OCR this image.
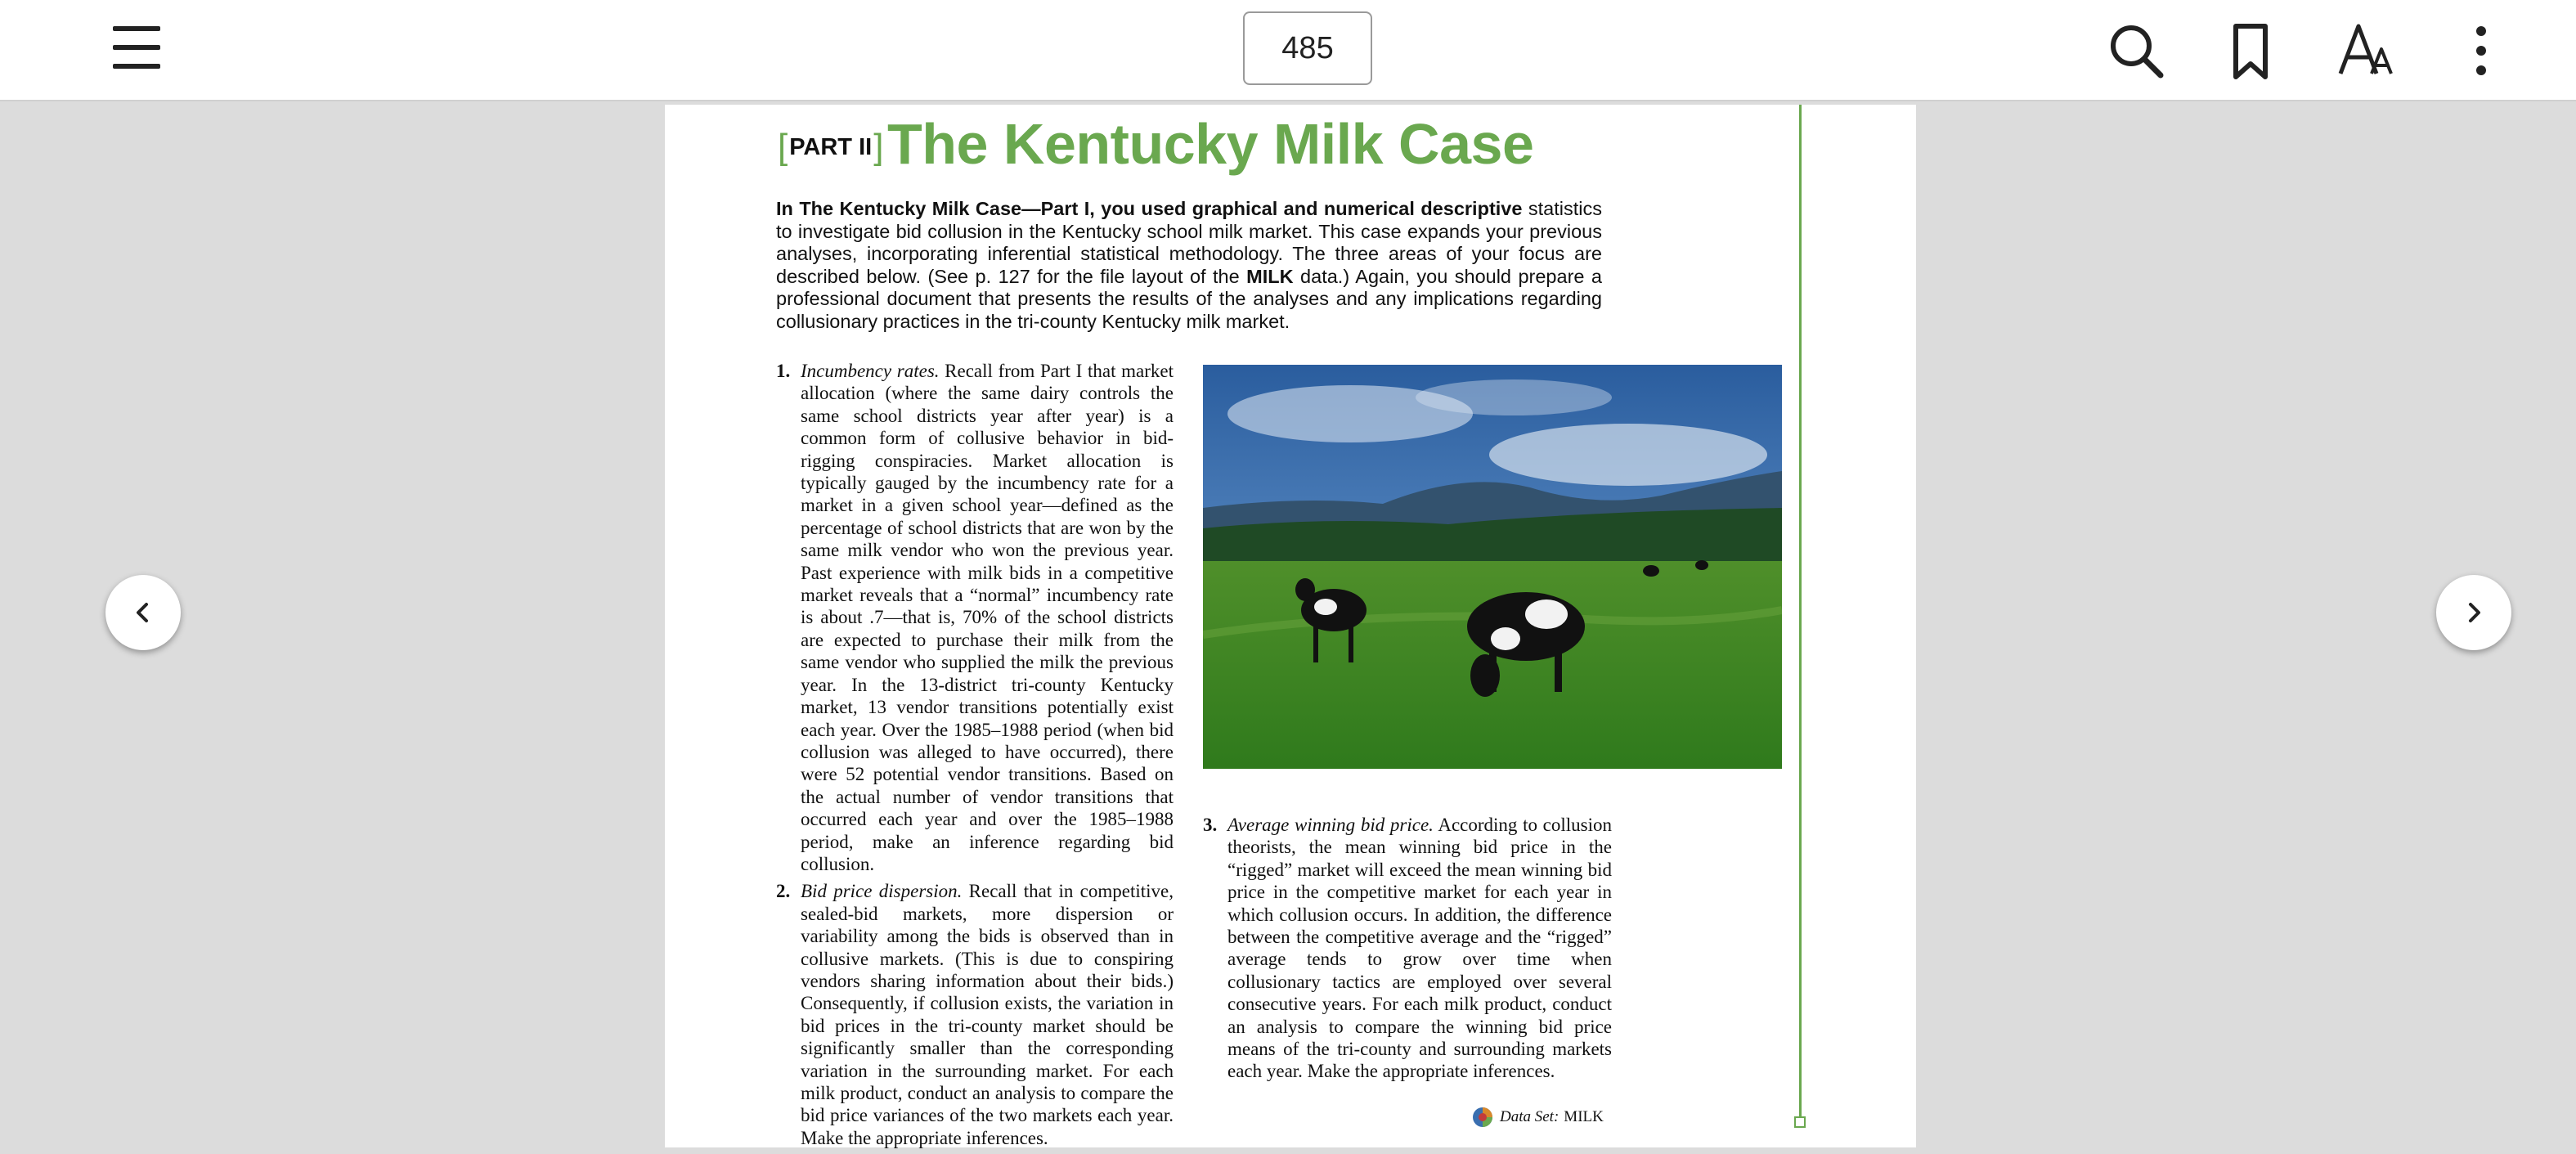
485
[ PART II ] The Kentucky Milk Case

In The Kentucky Milk Case—Part I, you used graphical and numerical descriptive statistics to investigate bid collusion in the Kentucky school milk market. This case expands your previous analyses, incorporating inferential statistical methodology. The three areas of your focus are described below. (See p. 127 for the file layout of the MILK data.) Again, you should prepare a professional document that presents the results of the analyses and any implications regarding collusionary practices in the tri-county Kentucky milk market.

1. Incumbency rates. Recall from Part I that market allocation (where the same dairy controls the same school districts year after year) is a common form of collusive behavior in bid-rigging conspiracies. Market allocation is typically gauged by the incumbency rate for a market in a given school year—defined as the percentage of school districts that are won by the same milk vendor who won the previous year. Past experience with milk bids in a competitive market reveals that a “normal” incumbency rate is about .7—that is, 70% of the school districts are expected to purchase their milk from the same vendor who supplied the milk the previous year. In the 13-district tri-county Kentucky market, 13 vendor transitions potentially exist each year. Over the 1985–1988 period (when bid collusion was alleged to have occurred), there were 52 potential vendor transitions. Based on the actual number of vendor transitions that occurred each year and over the 1985–1988 period, make an inference regarding bid collusion.
2. Bid price dispersion. Recall that in competitive, sealed-bid markets, more dispersion or variability among the bids is observed than in collusive markets. (This is due to conspiring vendors sharing information about their bids.) Consequently, if collusion exists, the variation in bid prices in the tri-county market should be significantly smaller than the corresponding variation in the surrounding market. For each milk product, conduct an analysis to compare the bid price variances of the two markets each year. Make the appropriate inferences.
3. Average winning bid price. According to collusion theorists, the mean winning bid price in the “rigged” market will exceed the mean winning bid price in the competitive market for each year in which collusion occurs. In addition, the difference between the competitive average and the “rigged” average tends to grow over time when collusionary tactics are employed over several consecutive years. For each milk product, conduct an analysis to compare the winning bid price means of the tri-county and surrounding markets each year. Make the appropriate inferences.
Data Set: MILK
